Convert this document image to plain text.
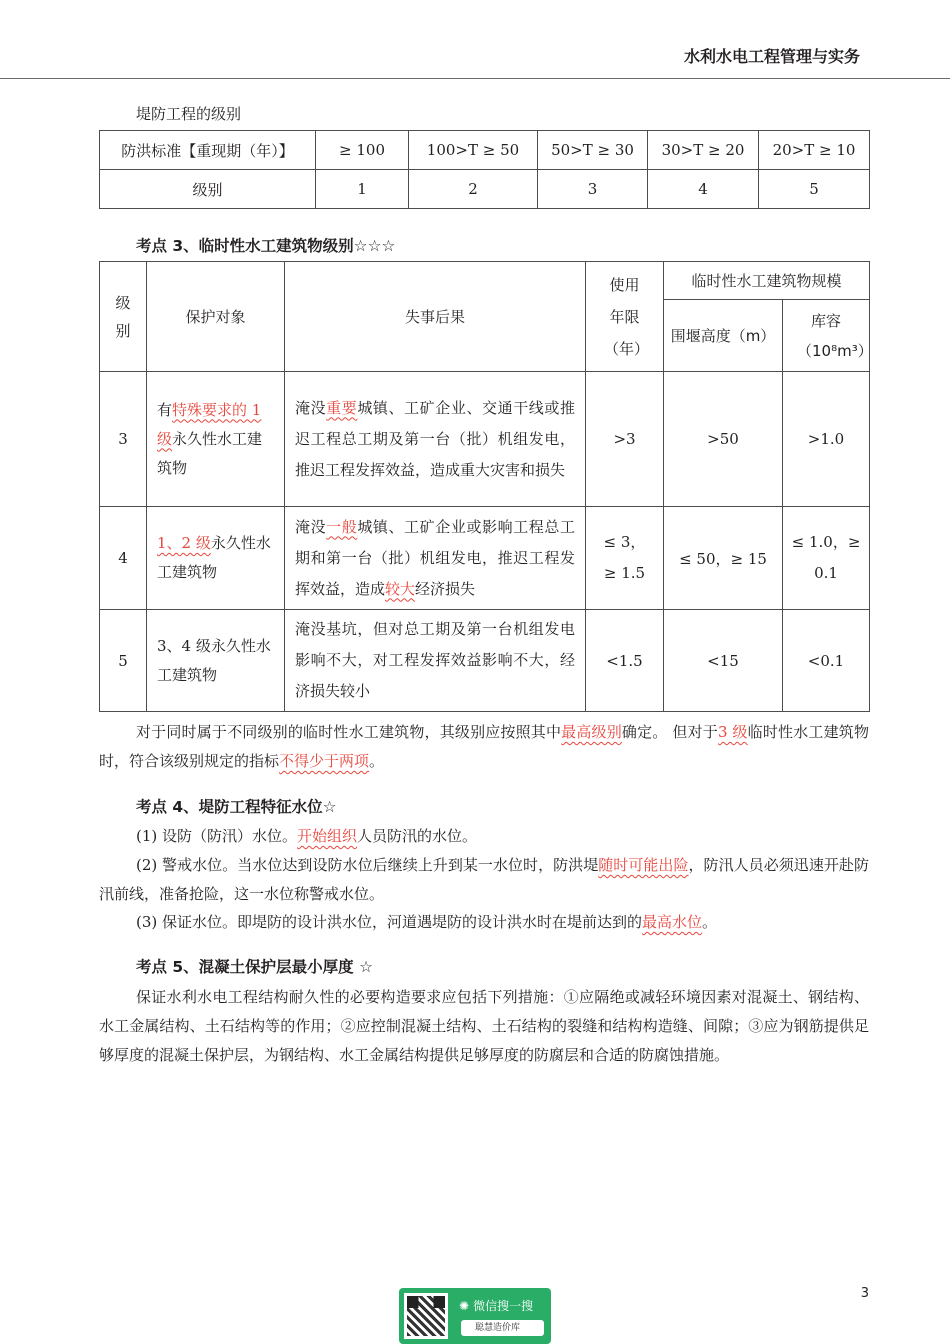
水利水电工程管理与实务
堤防工程的级别
防洪标准【重现期（年）】	≥ 100	100>T ≥ 50	50>T ≥ 30	30>T ≥ 20	20>T ≥ 10
级别	1	2	3	4	5
考点 3、临时性水工建筑物级别☆☆☆
级别	保护对象	失事后果	使用年限（年）	临时性水工建筑物规模	
				围堰高度（m）	库容（10⁸m³）
3	有特殊要求的 1 级永久性水工建筑物	淹没重要城镇、工矿企业、交通干线或推迟工程总工期及第一台（批）机组发电，推迟工程发挥效益，造成重大灾害和损失	>3	>50	>1.0
4	1、2 级永久性水工建筑物	淹没一般城镇、工矿企业或影响工程总工期和第一台（批）机组发电，推迟工程发挥效益，造成较大经济损失	≤ 3，≥ 1.5	≤ 50，≥ 15	≤ 1.0，≥ 0.1
5	3、4 级永久性水工建筑物	淹没基坑，但对总工期及第一台机组发电影响不大，对工程发挥效益影响不大，经济损失较小	<1.5	<15	<0.1
对于同时属于不同级别的临时性水工建筑物，其级别应按照其中最高级别确定。 但对于3 级临时性水工建筑物时，符合该级别规定的指标不得少于两项。
考点 4、堤防工程特征水位☆
(1) 设防（防汛）水位。开始组织人员防汛的水位。
(2) 警戒水位。当水位达到设防水位后继续上升到某一水位时，防洪堤随时可能出险，防汛人员必须迅速开赴防汛前线，准备抢险，这一水位称警戒水位。
(3) 保证水位。即堤防的设计洪水位，河道遇堤防的设计洪水时在堤前达到的最高水位。
考点 5、混凝土保护层最小厚度 ☆
保证水利水电工程结构耐久性的必要构造要求应包括下列措施：①应隔绝或减轻环境因素对混凝土、钢结构、水工金属结构、土石结构等的作用；②应控制混凝土结构、土石结构的裂缝和结构构造缝、间隙；③应为钢筋提供足够厚度的混凝土保护层，为钢结构、水工金属结构提供足够厚度的防腐层和合适的防腐蚀措施。
3
✺ 微信搜一搜
聪慧造价库
